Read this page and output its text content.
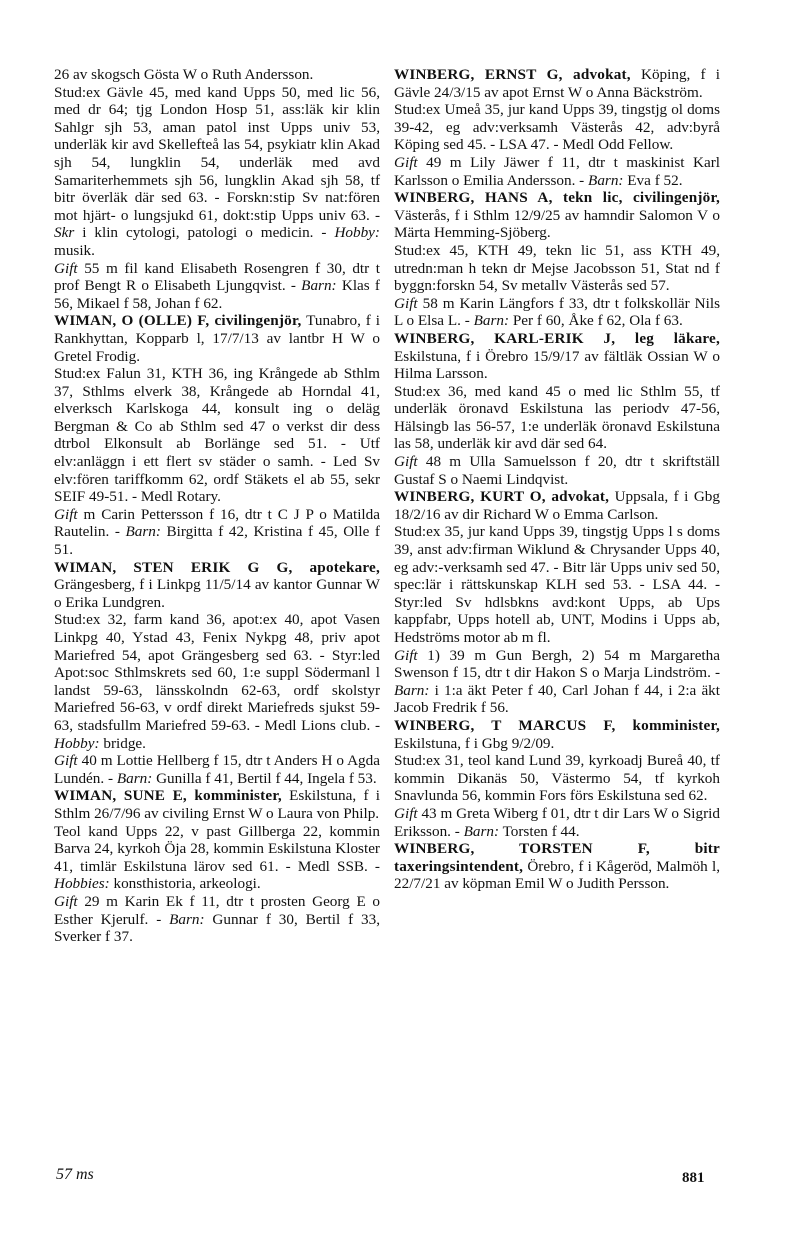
26 av skogsch Gösta W o Ruth Andersson.

Stud:ex Gävle 45, med kand Upps 50, med lic 56, med dr 64; tjg London Hosp 51, ass:läk kir klin Sahlgr sjh 53, aman patol inst Upps univ 53, underläk kir avd Skellefteå las 54, psykiatr klin Akad sjh 54, lungklin 54, underläk med avd Samariterhemmets sjh 56, lungklin Akad sjh 58, tf bitr överläk där sed 63. - Forskn:stip Sv nat:fören mot hjärt- o lungsjukd 61, dokt:stip Upps univ 63. - Skr i klin cytologi, patologi o medicin. - Hobby: musik.

Gift 55 m fil kand Elisabeth Rosengren f 30, dtr t prof Bengt R o Elisabeth Ljungqvist. - Barn: Klas f 56, Mikael f 58, Johan f 62.

WIMAN, O (OLLE) F, civilingenjör, Tunabro, f i Rankhyttan, Kopparb l, 17/7/13 av lantbr H W o Gretel Frodig.

Stud:ex Falun 31, KTH 36, ing Krångede ab Sthlm 37, Sthlms elverk 38, Krångede ab Horndal 41, elverksch Karlskoga 44, konsult ing o deläg Bergman & Co ab Sthlm sed 47 o verkst dir dess dtrbol Elkonsult ab Borlänge sed 51. - Utf elv:anläggn i ett flert sv städer o samh. - Led Sv elv:fören tariffkomm 62, ordf Stäkets el ab 55, sekr SEIF 49-51. - Medl Rotary.

Gift m Carin Pettersson f 16, dtr t C J P o Matilda Rautelin. - Barn: Birgitta f 42, Kristina f 45, Olle f 51.

WIMAN, STEN ERIK G G, apotekare, Grängesberg, f i Linkpg 11/5/14 av kantor Gunnar W o Erika Lundgren.

Stud:ex 32, farm kand 36, apot:ex 40, apot Vasen Linkpg 40, Ystad 43, Fenix Nykpg 48, priv apot Mariefred 54, apot Grängesberg sed 63. - Styr:led Apot:soc Sthlmskrets sed 60, 1:e suppl Södermanl l landst 59-63, länsskolndn 62-63, ordf skolstyr Mariefred 56-63, v ordf direkt Mariefreds sjukst 59-63, stadsfullm Mariefred 59-63. - Medl Lions club. - Hobby: bridge.

Gift 40 m Lottie Hellberg f 15, dtr t Anders H o Agda Lundén. - Barn: Gunilla f 41, Bertil f 44, Ingela f 53.

WIMAN, SUNE E, komminister, Eskilstuna, f i Sthlm 26/7/96 av civiling Ernst W o Laura von Philp.

Teol kand Upps 22, v past Gillberga 22, kommin Barva 24, kyrkoh Öja 28, kommin Eskilstuna Kloster 41, timlär Eskilstuna lärov sed 61. - Medl SSB. - Hobbies: konsthistoria, arkeologi.

Gift 29 m Karin Ek f 11, dtr t prosten Georg E o Esther Kjerulf. - Barn: Gunnar f 30, Bertil f 33, Sverker f 37.

WINBERG, ERNST G, advokat, Köping, f i Gävle 24/3/15 av apot Ernst W o Anna Bäckström.

Stud:ex Umeå 35, jur kand Upps 39, tingstjg ol doms 39-42, eg adv:verksamh Västerås 42, adv:byrå Köping sed 45. - LSA 47. - Medl Odd Fellow.

Gift 49 m Lily Jäwer f 11, dtr t maskinist Karl Karlsson o Emilia Andersson. - Barn: Eva f 52.

WINBERG, HANS A, tekn lic, civilingenjör, Västerås, f i Sthlm 12/9/25 av hamndir Salomon V o Märta Hemming-Sjöberg.

Stud:ex 45, KTH 49, tekn lic 51, ass KTH 49, utredn:man h tekn dr Mejse Jacobsson 51, Stat nd f byggn:forskn 54, Sv metallv Västerås sed 57.

Gift 58 m Karin Längfors f 33, dtr t folkskollär Nils L o Elsa L. - Barn: Per f 60, Åke f 62, Ola f 63.

WINBERG, KARL-ERIK J, leg läkare, Eskilstuna, f i Örebro 15/9/17 av fältläk Ossian W o Hilma Larsson.

Stud:ex 36, med kand 45 o med lic Sthlm 55, tf underläk öronavd Eskilstuna las periodv 47-56, Hälsingb las 56-57, 1:e underläk öronavd Eskilstuna las 58, underläk kir avd där sed 64.

Gift 48 m Ulla Samuelsson f 20, dtr t skriftställ Gustaf S o Naemi Lindqvist.

WINBERG, KURT O, advokat, Uppsala, f i Gbg 18/2/16 av dir Richard W o Emma Carlson.

Stud:ex 35, jur kand Upps 39, tingstjg Upps l s doms 39, anst adv:firman Wiklund & Chrysander Upps 40, eg adv:-verksamh sed 47. - Bitr lär Upps univ sed 50, spec:lär i rättskunskap KLH sed 53. - LSA 44. - Styr:led Sv hdlsbkns avd:kont Upps, ab Ups kappfabr, Upps hotell ab, UNT, Modins i Upps ab, Hedströms motor ab m fl.

Gift 1) 39 m Gun Bergh, 2) 54 m Margaretha Swenson f 15, dtr t dir Hakon S o Marja Lindström. - Barn: i 1:a äkt Peter f 40, Carl Johan f 44, i 2:a äkt Jacob Fredrik f 56.

WINBERG, T MARCUS F, komminister, Eskilstuna, f i Gbg 9/2/09.

Stud:ex 31, teol kand Lund 39, kyrkoadj Bureå 40, tf kommin Dikanäs 50, Västermo 54, tf kyrkoh Snavlunda 56, kommin Fors förs Eskilstuna sed 62.

Gift 43 m Greta Wiberg f 01, dtr t dir Lars W o Sigrid Eriksson. - Barn: Torsten f 44.

WINBERG, TORSTEN F, bitr taxeringsintendent, Örebro, f i Kågeröd, Malmöh l, 22/7/21 av köpman Emil W o Judith Persson.

57 ms	881
